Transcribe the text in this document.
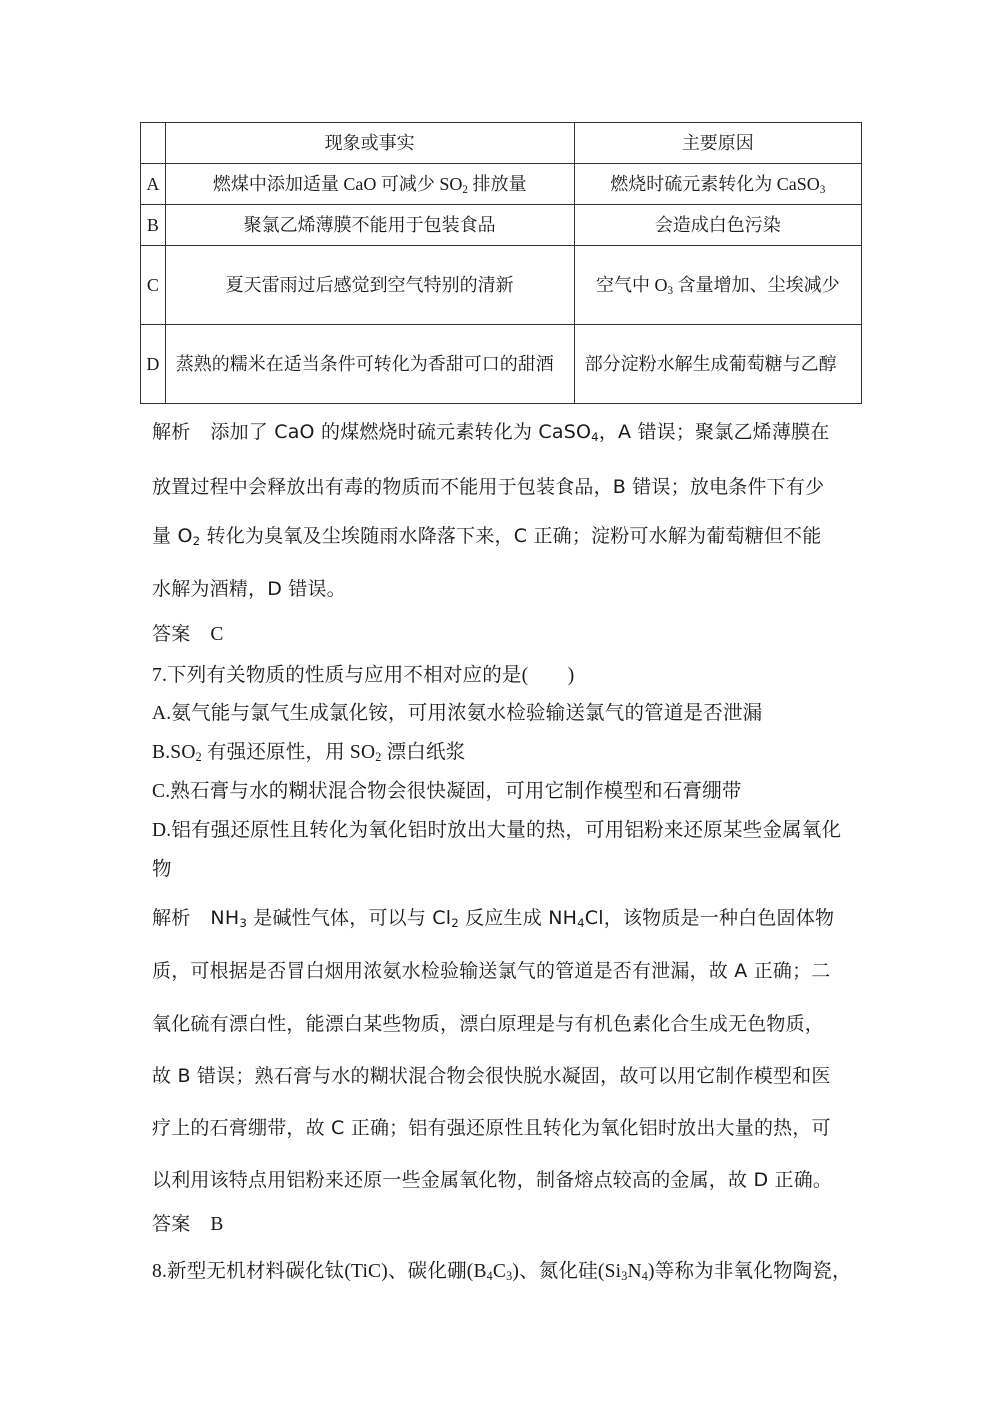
	现象或事实	主要原因
A	燃煤中添加适量 CaO 可减少 $SO_2$ 排放量	燃烧时硫元素转化为 CaSO$_3$
B	聚氯乙烯薄膜不能用于包装食品	会造成白色污染
C	夏天雷雨过后感觉到空气特别的清新	空气中 $O_3$ 含量增加、尘埃减少

D	蒸熟的糯米在适当条件可转化为香甜可口的甜酒	部分淀粉水解生成葡萄糖与乙醇
解析 添加了 CaO 的煤燃烧时硫元素转化为 CaSO$_4$，A 错误；聚氯乙烯薄膜在
放置过程中会释放出有毒的物质而不能用于包装食品，B 错误；放电条件下有少
量 $O_2$ 转化为臭氧及尘埃随雨水降落下来，C 正确；淀粉可水解为葡萄糖但不能
水解为酒精，D 错误。
答案 C
7.下列有关物质的性质与应用不相对应的是(　　)
A.氨气能与氯气生成氯化铵，可用浓氨水检验输送氯气的管道是否泄漏
$B.SO_2$ 有强还原性，用 $SO_2$ 漂白纸浆
C.熟石膏与水的糊状混合物会很快凝固，可用它制作模型和石膏绷带
D.铝有强还原性且转化为氧化铝时放出大量的热，可用铝粉来还原某些金属氧化
物
解析 $NH_3$ 是碱性气体，可以与 $Cl_2$ 反应生成 $NH_4Cl$，该物质是一种白色固体物
质，可根据是否冒白烟用浓氨水检验输送氯气的管道是否有泄漏，故 A 正确；二
氧化硫有漂白性，能漂白某些物质，漂白原理是与有机色素化合生成无色物质，
故 B 错误；熟石膏与水的糊状混合物会很快脱水凝固，故可以用它制作模型和医
疗上的石膏绷带，故 C 正确；铝有强还原性且转化为氧化铝时放出大量的热，可
以利用该特点用铝粉来还原一些金属氧化物，制备熔点较高的金属，故 D 正确。
答案 B
8.新型无机材料碳化钛(TiC)、碳化硼$(B_4C_3)$、氮化硅$(Si_3N_4)$等称为非氧化物陶瓷，
